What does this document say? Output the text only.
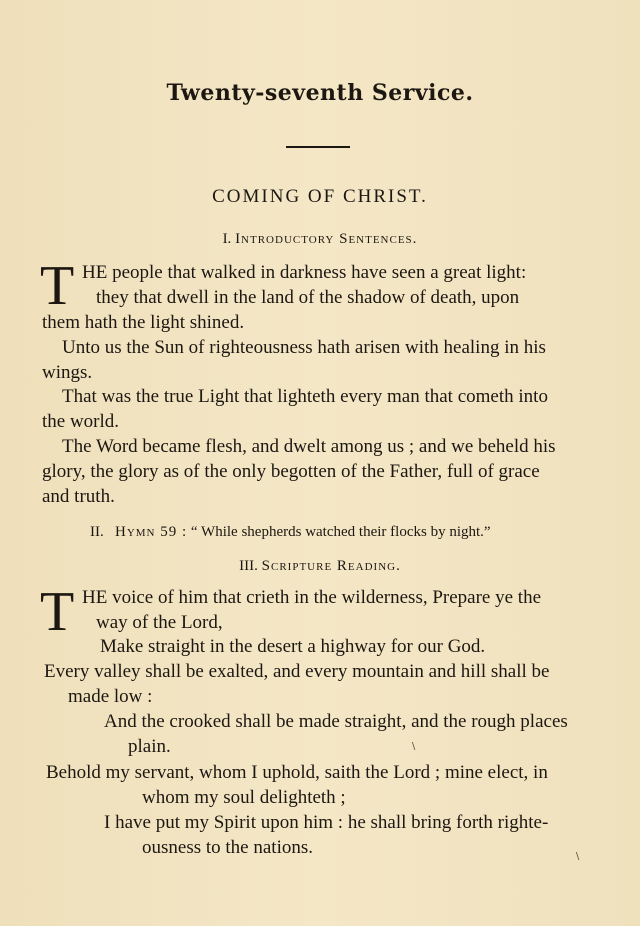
Twenty-seventh Service.
COMING OF CHRIST.
I. Introductory Sentences.
T HE people that walked in darkness have seen a great light:
they that dwell in the land of the shadow of death, upon
them hath the light shined.
Unto us the Sun of righteousness hath arisen with healing in his
wings.
That was the true Light that lighteth every man that cometh into
the world.
The Word became flesh, and dwelt among us ; and we beheld his
glory, the glory as of the only begotten of the Father, full of grace
and truth.
II. Hymn 59 : “ While shepherds watched their flocks by night.”
III. Scripture Reading.
T HE voice of him that crieth in the wilderness, Prepare ye the
way of the Lord,
Make straight in the desert a highway for our God.
Every valley shall be exalted, and every mountain and hill shall be
made low :
And the crooked shall be made straight, and the rough places
plain.
Behold my servant, whom I uphold, saith the Lord ; mine elect, in
whom my soul delighteth ;
I have put my Spirit upon him : he shall bring forth righte-
ousness to the nations.
∖
∖
